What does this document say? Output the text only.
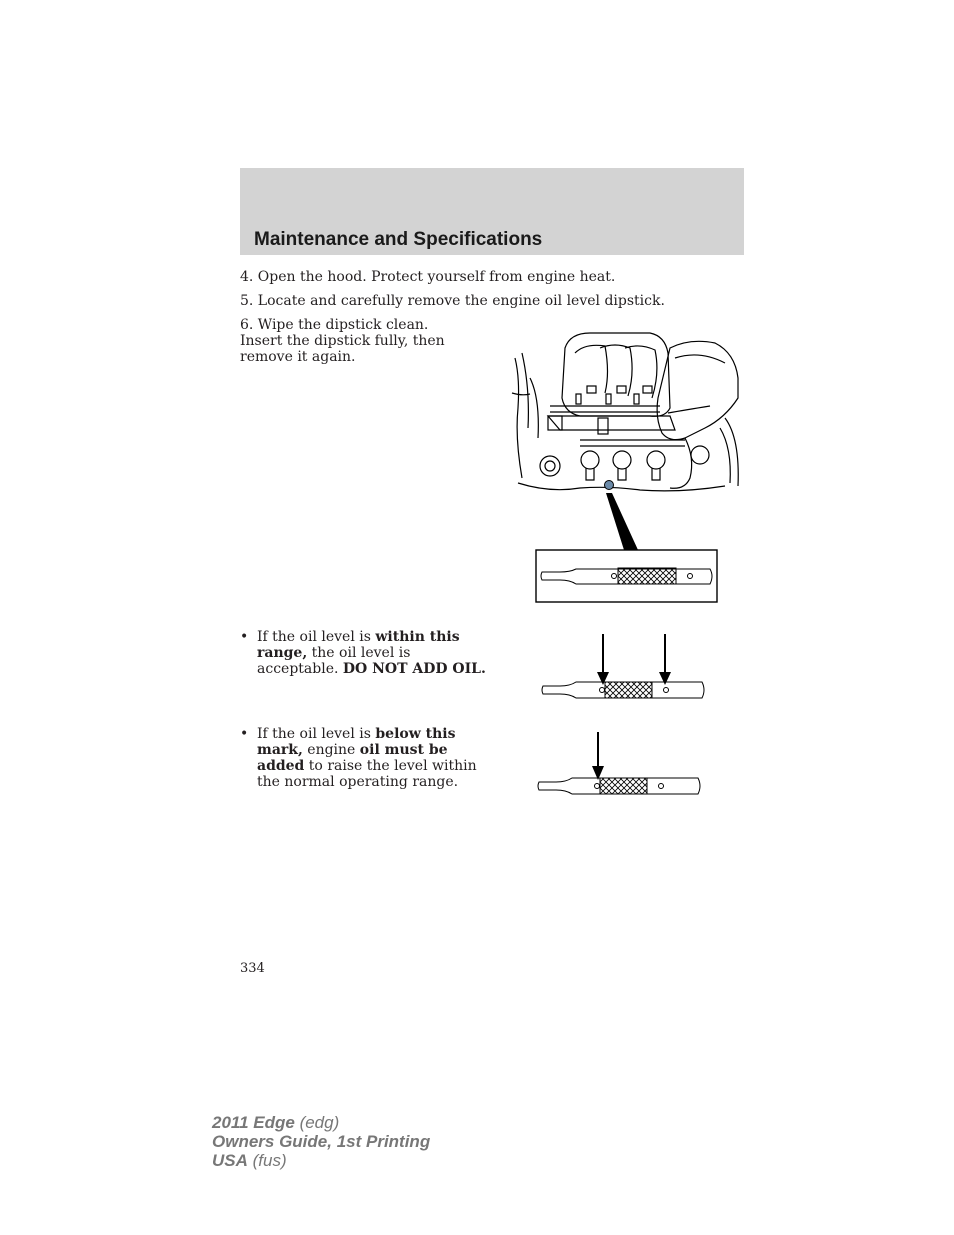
Maintenance and Specifications

4. Open the hood. Protect yourself from engine heat.

5. Locate and carefully remove the engine oil level dipstick.

6. Wipe the dipstick clean. Insert the dipstick fully, then remove it again.

• If the oil level is within this range, the oil level is acceptable. DO NOT ADD OIL.
• If the oil level is below this mark, engine oil must be added to raise the level within the normal operating range.
334
2011 Edge (edg)
Owners Guide, 1st Printing
USA (fus)
